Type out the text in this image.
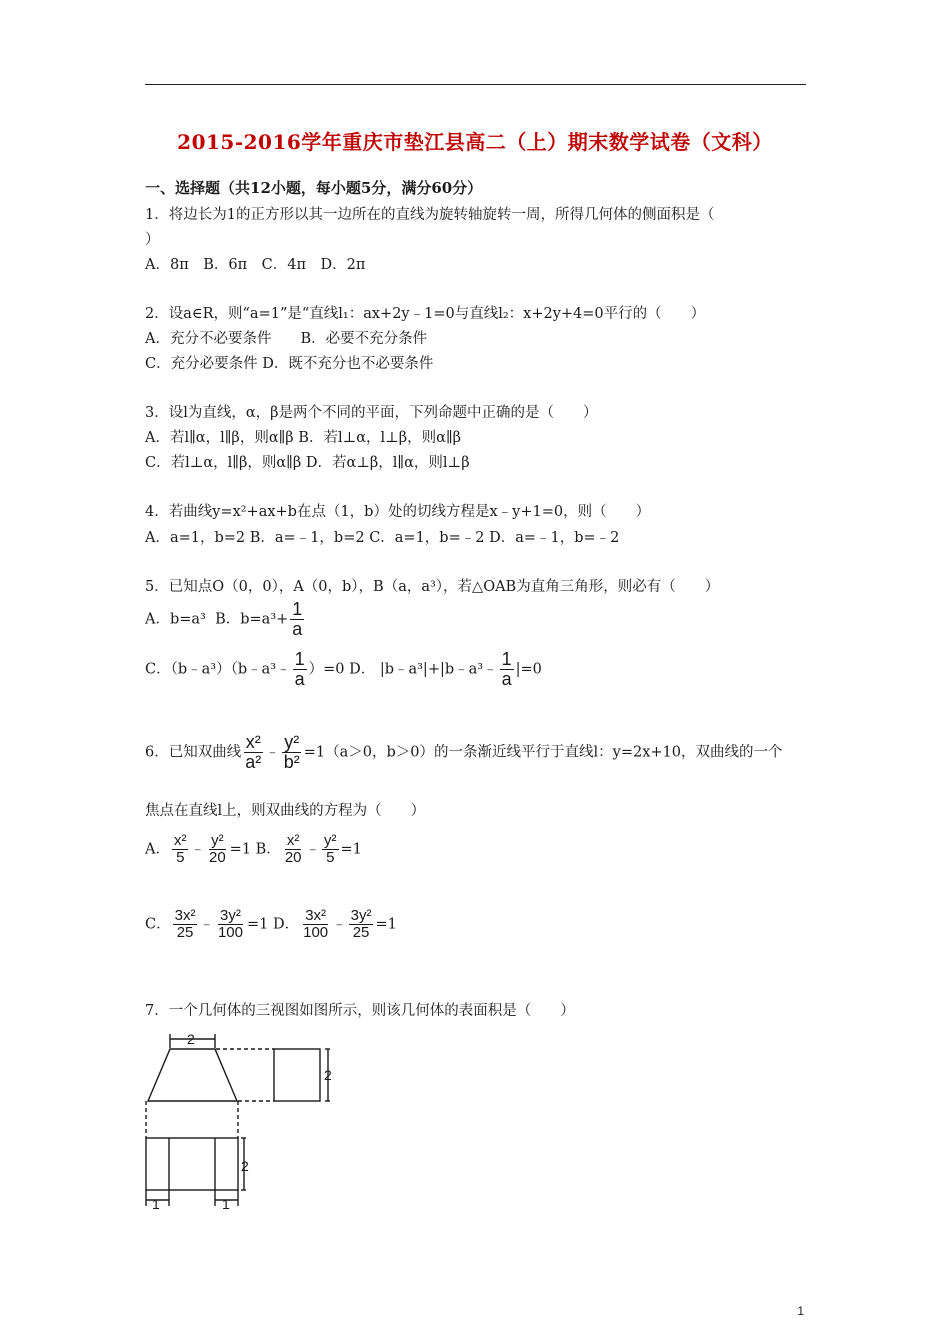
2015-2016学年重庆市垫江县高二（上）期末数学试卷（文科）
一、选择题（共12小题，每小题5分，满分60分）
1．将边长为1的正方形以其一边所在的直线为旋转轴旋转一周，所得几何体的侧面积是（
）
A．8π　B．6π　C．4π　D．2π
2．设a∈R，则“a=1”是“直线l₁：ax+2y﹣1=0与直线l₂：x+2y+4=0平行的（　　）
A．充分不必要条件　　B．必要不充分条件
C．充分必要条件 D．既不充分也不必要条件
3．设l为直线，α，β是两个不同的平面，下列命题中正确的是（　　）
A．若l∥α，l∥β，则α∥β B．若l⊥α，l⊥β，则α∥β
C．若l⊥α，l∥β，则α∥β D．若α⊥β，l∥α，则l⊥β
4．若曲线y=x²+ax+b在点（1，b）处的切线方程是x﹣y+1=0，则（　　）
A．a=1，b=2 B．a=﹣1，b=2 C．a=1，b=﹣2 D．a=﹣1，b=﹣2
5．已知点O（0，0），A（0，b），B（a，a³），若△OAB为直角三角形，则必有（　　）
A．b=a³ B．$b=a^3+ \frac{1}{a}$
C．（b﹣a³）（b﹣a³﹣ $\frac{1}{a} )=0$ D． |b﹣a³|+|b﹣a³﹣ $\frac{1}{a} |=0$
6．已知双曲线 $\frac{\text{x²}}{\text{a²}}$ ﹣ $\frac{\text{y²}}{\text{b²}} =1(a>0$，b＞0）的一条渐近线平行于直线l：y=2x+10，双曲线的一个
焦点在直线l上，则双曲线的方程为（　　）
A． $\frac{\text{x²}}{5}$ ﹣ $\frac{\text{y²}}{20} =1$ B． $\frac{\text{x²}}{20}$ ﹣ $\frac{\text{y²}}{5} =1$
C． $\frac{\text{3x²}}{25}$ ﹣ $\frac{\text{3y²}}{100} =1$ D． $\frac{\text{3x²}}{100}$ ﹣ $\frac{\text{3y²}}{25} =1$
7．一个几何体的三视图如图所示，则该几何体的表面积是（　　）
2
2
2
1	1
1
